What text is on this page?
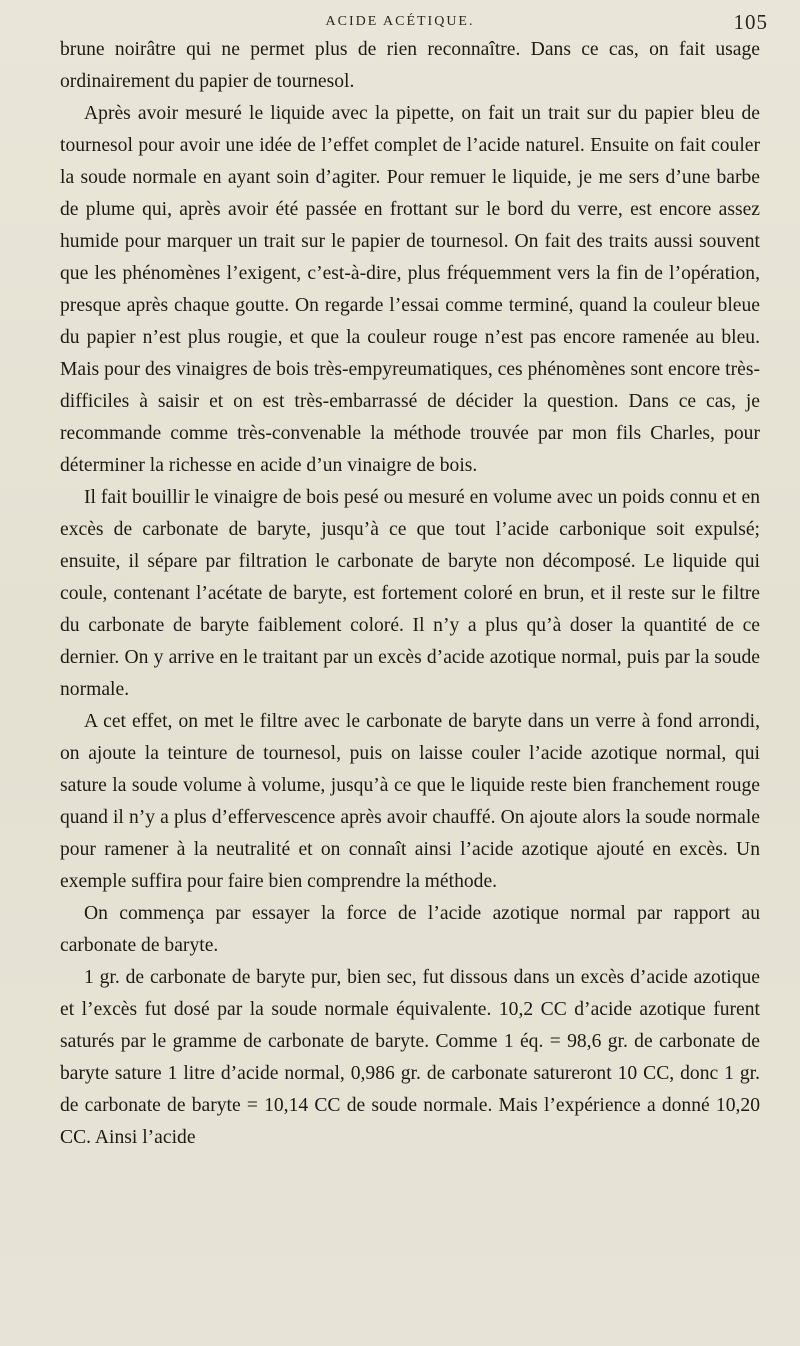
ACIDE ACÉTIQUE.	105

brune noirâtre qui ne permet plus de rien reconnaître. Dans ce cas, on fait usage ordinairement du papier de tournesol.

Après avoir mesuré le liquide avec la pipette, on fait un trait sur du papier bleu de tournesol pour avoir une idée de l’effet complet de l’acide naturel. Ensuite on fait couler la soude normale en ayant soin d’agiter. Pour remuer le liquide, je me sers d’une barbe de plume qui, après avoir été passée en frottant sur le bord du verre, est encore assez humide pour marquer un trait sur le papier de tournesol. On fait des traits aussi souvent que les phénomènes l’exigent, c’est-à-dire, plus fréquemment vers la fin de l’opération, presque après chaque goutte. On regarde l’essai comme terminé, quand la couleur bleue du papier n’est plus rougie, et que la couleur rouge n’est pas encore ramenée au bleu. Mais pour des vinaigres de bois très-empyreumatiques, ces phénomènes sont encore très-difficiles à saisir et on est très-embarrassé de décider la question. Dans ce cas, je recommande comme très-convenable la méthode trouvée par mon fils Charles, pour déterminer la richesse en acide d’un vinaigre de bois.

Il fait bouillir le vinaigre de bois pesé ou mesuré en volume avec un poids connu et en excès de carbonate de baryte, jusqu’à ce que tout l’acide carbonique soit expulsé; ensuite, il sépare par filtration le carbonate de baryte non décomposé. Le liquide qui coule, contenant l’acétate de baryte, est fortement coloré en brun, et il reste sur le filtre du carbonate de baryte faiblement coloré. Il n’y a plus qu’à doser la quantité de ce dernier. On y arrive en le traitant par un excès d’acide azotique normal, puis par la soude normale.

A cet effet, on met le filtre avec le carbonate de baryte dans un verre à fond arrondi, on ajoute la teinture de tournesol, puis on laisse couler l’acide azotique normal, qui sature la soude volume à volume, jusqu’à ce que le liquide reste bien franchement rouge quand il n’y a plus d’effervescence après avoir chauffé. On ajoute alors la soude normale pour ramener à la neutralité et on connaît ainsi l’acide azotique ajouté en excès. Un exemple suffira pour faire bien comprendre la méthode.

On commença par essayer la force de l’acide azotique normal par rapport au carbonate de baryte.

1 gr. de carbonate de baryte pur, bien sec, fut dissous dans un excès d’acide azotique et l’excès fut dosé par la soude normale équivalente. 10,2 CC d’acide azotique furent saturés par le gramme de carbonate de baryte. Comme 1 éq. = 98,6 gr. de carbonate de baryte sature 1 litre d’acide normal, 0,986 gr. de carbonate satureront 10 CC, donc 1 gr. de carbonate de baryte = 10,14 CC de soude normale. Mais l’expérience a donné 10,20 CC. Ainsi l’acide
